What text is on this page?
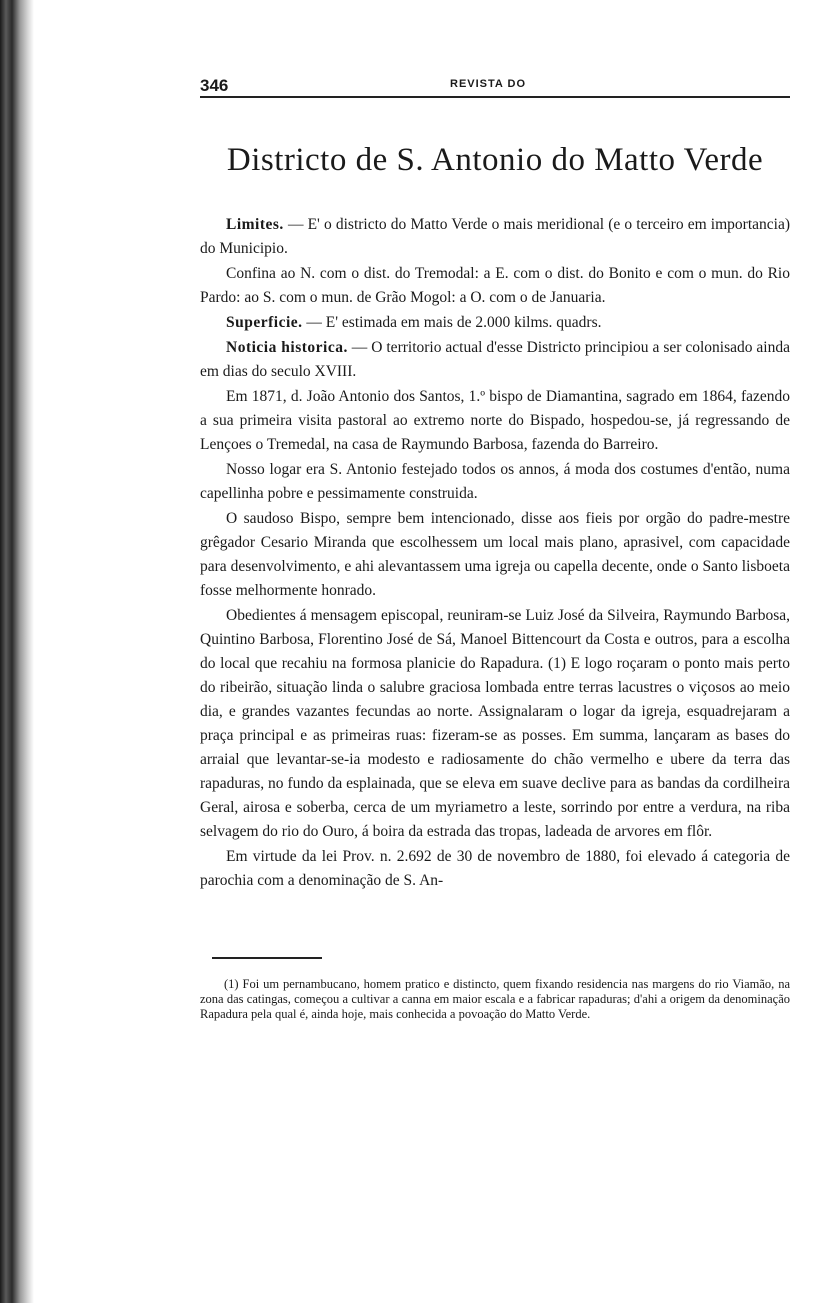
346	REVISTA DO
Districto de S. Antonio do Matto Verde

Limites. — E' o districto do Matto Verde o mais meridional (e o terceiro em importancia) do Municipio.

Confina ao N. com o dist. do Tremodal: a E. com o dist. do Bonito e com o mun. do Rio Pardo: ao S. com o mun. de Grão Mogol: a O. com o de Januaria.

Superficie. — E' estimada em mais de 2.000 kilms. quadrs.

Noticia historica. — O territorio actual d'esse Districto principiou a ser colonisado ainda em dias do seculo XVIII.

Em 1871, d. João Antonio dos Santos, 1.º bispo de Diamantina, sagrado em 1864, fazendo a sua primeira visita pastoral ao extremo norte do Bispado, hospedou-se, já regressando de Lençoes o Tremedal, na casa de Raymundo Barbosa, fazenda do Barreiro.

Nosso logar era S. Antonio festejado todos os annos, á moda dos costumes d'então, numa capellinha pobre e pessimamente construida.

O saudoso Bispo, sempre bem intencionado, disse aos fieis por orgão do padre-mestre grêgador Cesario Miranda que escolhessem um local mais plano, aprasivel, com capacidade para desenvolvimento, e ahi alevantassem uma igreja ou capella decente, onde o Santo lisboeta fosse melhormente honrado.

Obedientes á mensagem episcopal, reuniram-se Luiz José da Silveira, Raymundo Barbosa, Quintino Barbosa, Florentino José de Sá, Manoel Bittencourt da Costa e outros, para a escolha do local que recahiu na formosa planicie do Rapadura. (1) E logo roçaram o ponto mais perto do ribeirão, situação linda o salubre graciosa lombada entre terras lacustres o viçosos ao meio dia, e grandes vazantes fecundas ao norte. Assignalaram o logar da igreja, esquadrejaram a praça principal e as primeiras ruas: fizeram-se as posses. Em summa, lançaram as bases do arraial que levantar-se-ia modesto e radiosamente do chão vermelho e ubere da terra das rapaduras, no fundo da esplainada, que se eleva em suave declive para as bandas da cordilheira Geral, airosa e soberba, cerca de um myriametro a leste, sorrindo por entre a verdura, na riba selvagem do rio do Ouro, á boira da estrada das tropas, ladeada de arvores em flôr.

Em virtude da lei Prov. n. 2.692 de 30 de novembro de 1880, foi elevado á categoria de parochia com a denominação de S. An-

(1) Foi um pernambucano, homem pratico e distincto, quem fixando residencia nas margens do rio Viamão, na zona das catingas, começou a cultivar a canna em maior escala e a fabricar rapaduras; d'ahi a origem da denominação Rapadura pela qual é, ainda hoje, mais conhecida a povoação do Matto Verde.
